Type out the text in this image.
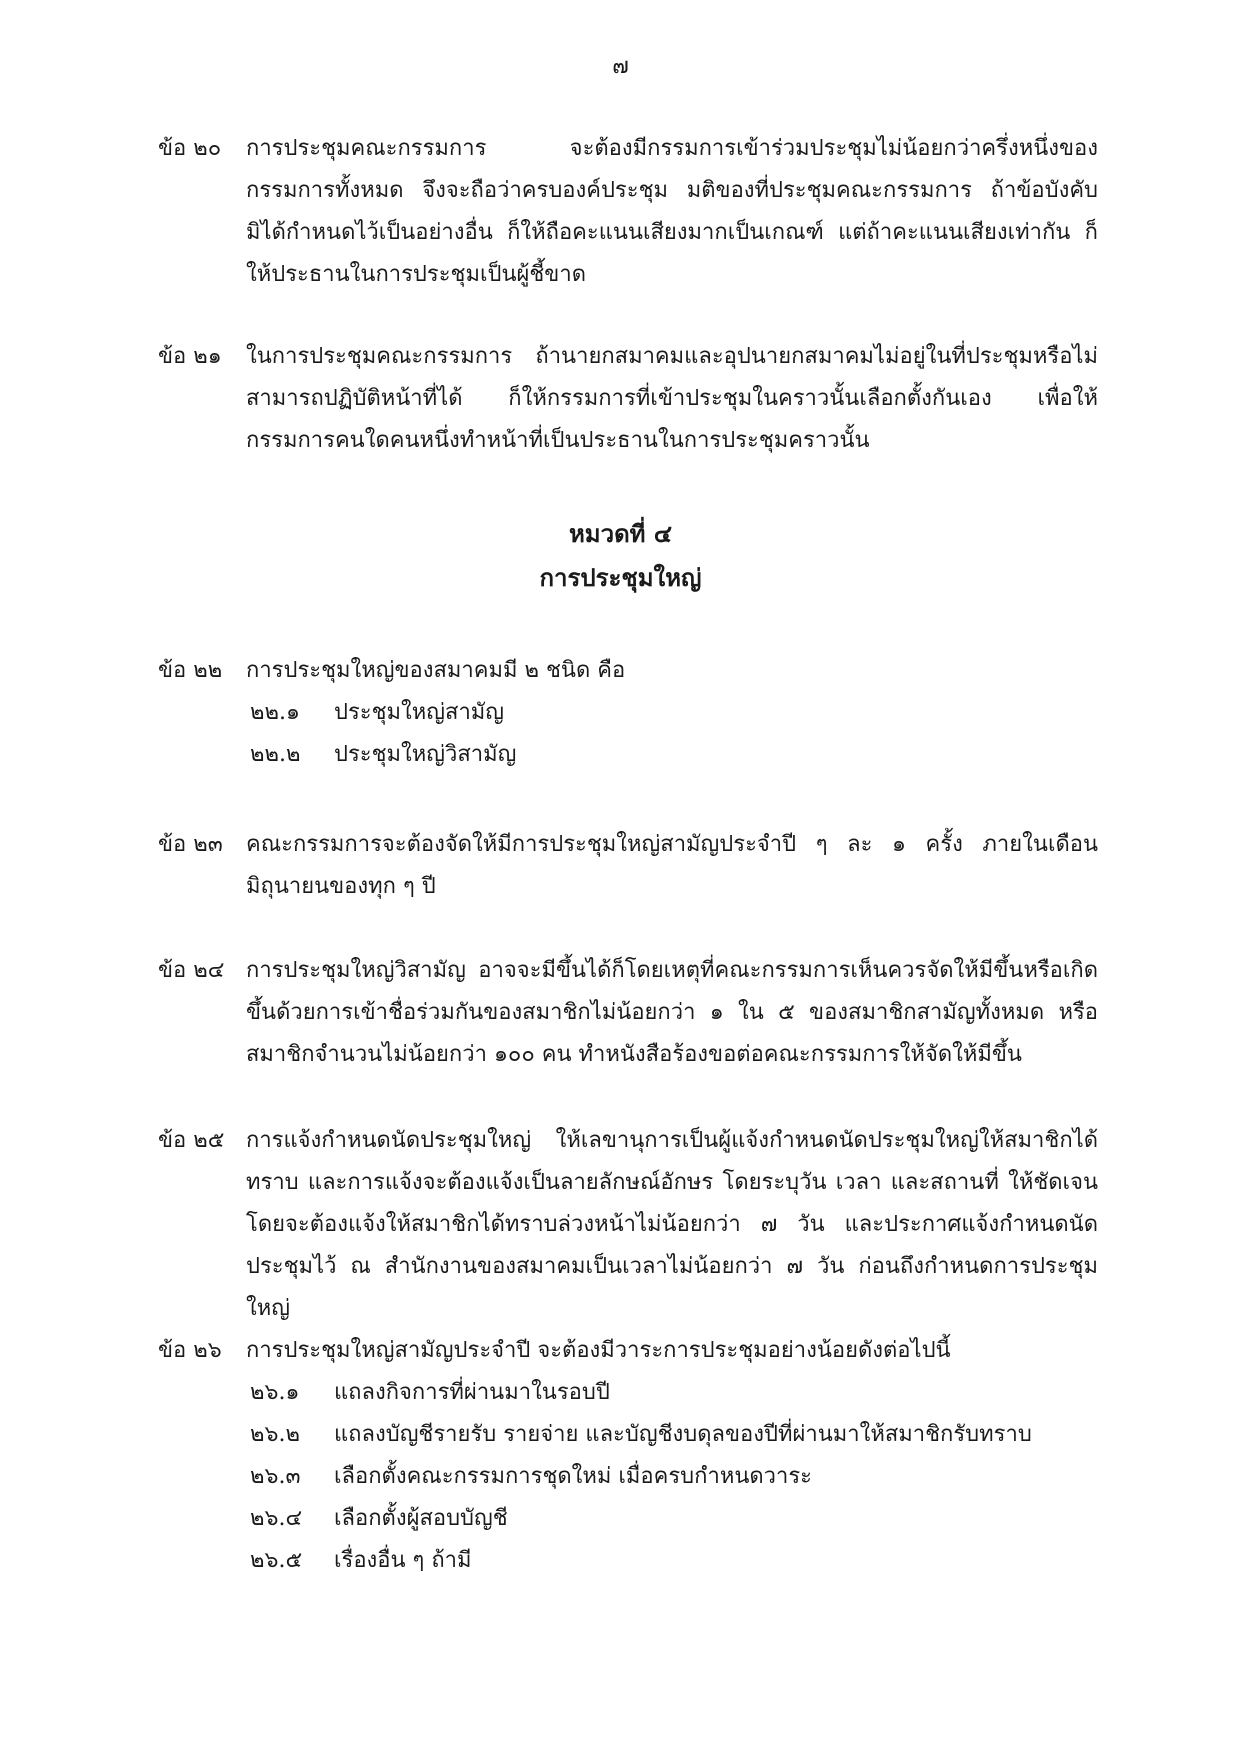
๗
ข้อ ๒๐ การประชุมคณะกรรมการ จะต้องมีกรรมการเข้าร่วมประชุมไม่น้อยกว่าครึ่งหนึ่งของกรรมการทั้งหมด จึงจะถือว่าครบองค์ประชุม มติของที่ประชุมคณะกรรมการ ถ้าข้อบังคับมิได้กำหนดไว้เป็นอย่างอื่น ก็ให้ถือคะแนนเสียงมากเป็นเกณฑ์ แต่ถ้าคะแนนเสียงเท่ากัน ก็ให้ประธานในการประชุมเป็นผู้ชี้ขาด

ข้อ ๒๑ ในการประชุมคณะกรรมการ ถ้านายกสมาคมและอุปนายกสมาคมไม่อยู่ในที่ประชุมหรือไม่สามารถปฏิบัติหน้าที่ได้ ก็ให้กรรมการที่เข้าประชุมในคราวนั้นเลือกตั้งกันเอง เพื่อให้กรรมการคนใดคนหนึ่งทำหน้าที่เป็นประธานในการประชุมคราวนั้น

หมวดที่ ๔
การประชุมใหญ่
ข้อ ๒๒ การประชุมใหญ่ของสมาคมมี ๒ ชนิด คือ

๒๒.๑ ประชุมใหญ่สามัญ
๒๒.๒ ประชุมใหญ่วิสามัญ
ข้อ ๒๓ คณะกรรมการจะต้องจัดให้มีการประชุมใหญ่สามัญประจำปี ๆ ละ ๑ ครั้ง ภายในเดือนมิถุนายนของทุก ๆ ปี

ข้อ ๒๔ การประชุมใหญ่วิสามัญ อาจจะมีขึ้นได้ก็โดยเหตุที่คณะกรรมการเห็นควรจัดให้มีขึ้นหรือเกิดขึ้นด้วยการเข้าชื่อร่วมกันของสมาชิกไม่น้อยกว่า ๑ ใน ๕ ของสมาชิกสามัญทั้งหมด หรือสมาชิกจำนวนไม่น้อยกว่า ๑๐๐ คน ทำหนังสือร้องขอต่อคณะกรรมการให้จัดให้มีขึ้น

ข้อ ๒๕ การแจ้งกำหนดนัดประชุมใหญ่ ให้เลขานุการเป็นผู้แจ้งกำหนดนัดประชุมใหญ่ให้สมาชิกได้ทราบ และการแจ้งจะต้องแจ้งเป็นลายลักษณ์อักษร โดยระบุวัน เวลา และสถานที่ ให้ชัดเจน โดยจะต้องแจ้งให้สมาชิกได้ทราบล่วงหน้าไม่น้อยกว่า ๗ วัน และประกาศแจ้งกำหนดนัดประชุมไว้ ณ สำนักงานของสมาคมเป็นเวลาไม่น้อยกว่า ๗ วัน ก่อนถึงกำหนดการประชุมใหญ่

ข้อ ๒๖ การประชุมใหญ่สามัญประจำปี จะต้องมีวาระการประชุมอย่างน้อยดังต่อไปนี้

๒๖.๑ แถลงกิจการที่ผ่านมาในรอบปี
๒๖.๒ แถลงบัญชีรายรับ รายจ่าย และบัญชีงบดุลของปีที่ผ่านมาให้สมาชิกรับทราบ
๒๖.๓ เลือกตั้งคณะกรรมการชุดใหม่ เมื่อครบกำหนดวาระ
๒๖.๔ เลือกตั้งผู้สอบบัญชี
๒๖.๕ เรื่องอื่น ๆ ถ้ามี
